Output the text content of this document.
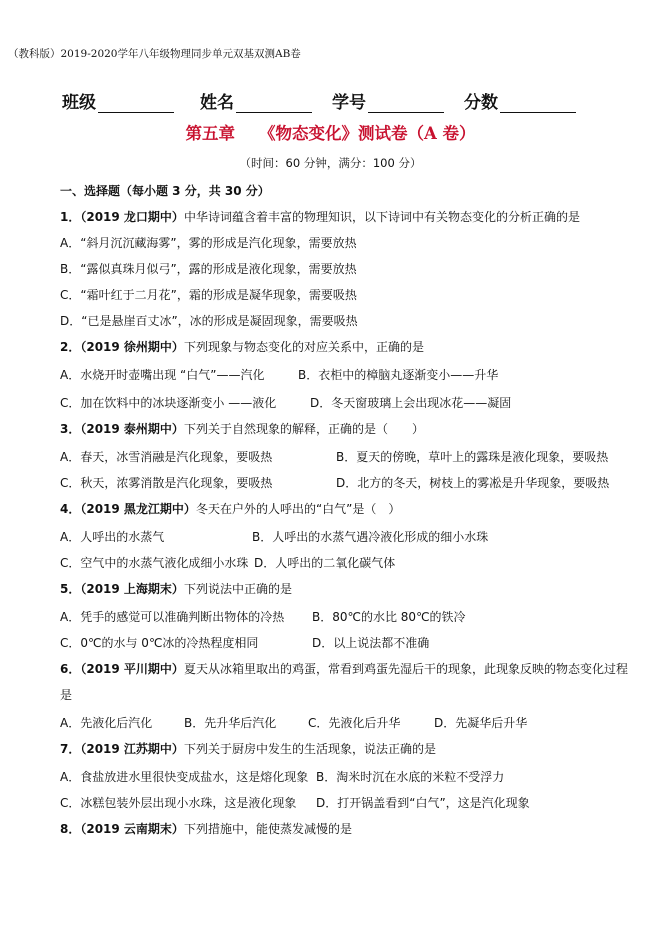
（教科版）2019-2020学年八年级物理同步单元双基双测AB卷
班级	姓名	学号	分数
第五章 《物态变化》测试卷（A 卷）
（时间：60 分钟，满分：100 分）
一、选择题（每小题 3 分，共 30 分）
1．（2019 龙口期中）中华诗词蕴含着丰富的物理知识，以下诗词中有关物态变化的分析正确的是
A．“斜月沉沉藏海雾”，雾的形成是汽化现象，需要放热
B．“露似真珠月似弓”，露的形成是液化现象，需要放热
C．“霜叶红于二月花”，霜的形成是凝华现象，需要吸热
D．“已是悬崖百丈冰”，冰的形成是凝固现象，需要吸热
2．（2019 徐州期中）下列现象与物态变化的对应关系中，正确的是
A．水烧开时壶嘴出现 “白气”——汽化	B．衣柜中的樟脑丸逐渐变小——升华
C．加在饮料中的冰块逐渐变小 ——液化	D．冬天窗玻璃上会出现冰花——凝固
3．（2019 泰州期中）下列关于自然现象的解释，正确的是（　　）
A．春天，冰雪消融是汽化现象，要吸热	B．夏天的傍晚，草叶上的露珠是液化现象，要吸热
C．秋天，浓雾消散是汽化现象，要吸热	D．北方的冬天，树枝上的雾凇是升华现象，要吸热
4．（2019 黑龙江期中）冬天在户外的人呼出的“白气”是（　）
A．人呼出的水蒸气	B．人呼出的水蒸气遇冷液化形成的细小水珠
C．空气中的水蒸气液化成细小水珠 D．人呼出的二氧化碳气体
5．（2019 上海期末）下列说法中正确的是
A．凭手的感觉可以准确判断出物体的冷热 B．80℃的水比 80℃的铁冷
C．0℃的水与 0℃冰的冷热程度相同	D．以上说法都不准确
6．（2019 平川期中）夏天从冰箱里取出的鸡蛋，常看到鸡蛋先湿后干的现象，此现象反映的物态变化过程
是
A．先液化后汽化	B．先升华后汽化	C．先液化后升华	D．先凝华后升华
7．（2019 江苏期中）下列关于厨房中发生的生活现象，说法正确的是
A．食盐放进水里很快变成盐水，这是熔化现象 B．淘米时沉在水底的米粒不受浮力
C．冰糕包装外层出现小水珠，这是液化现象 D．打开锅盖看到“白气”，这是汽化现象
8．（2019 云南期末）下列措施中，能使蒸发减慢的是
